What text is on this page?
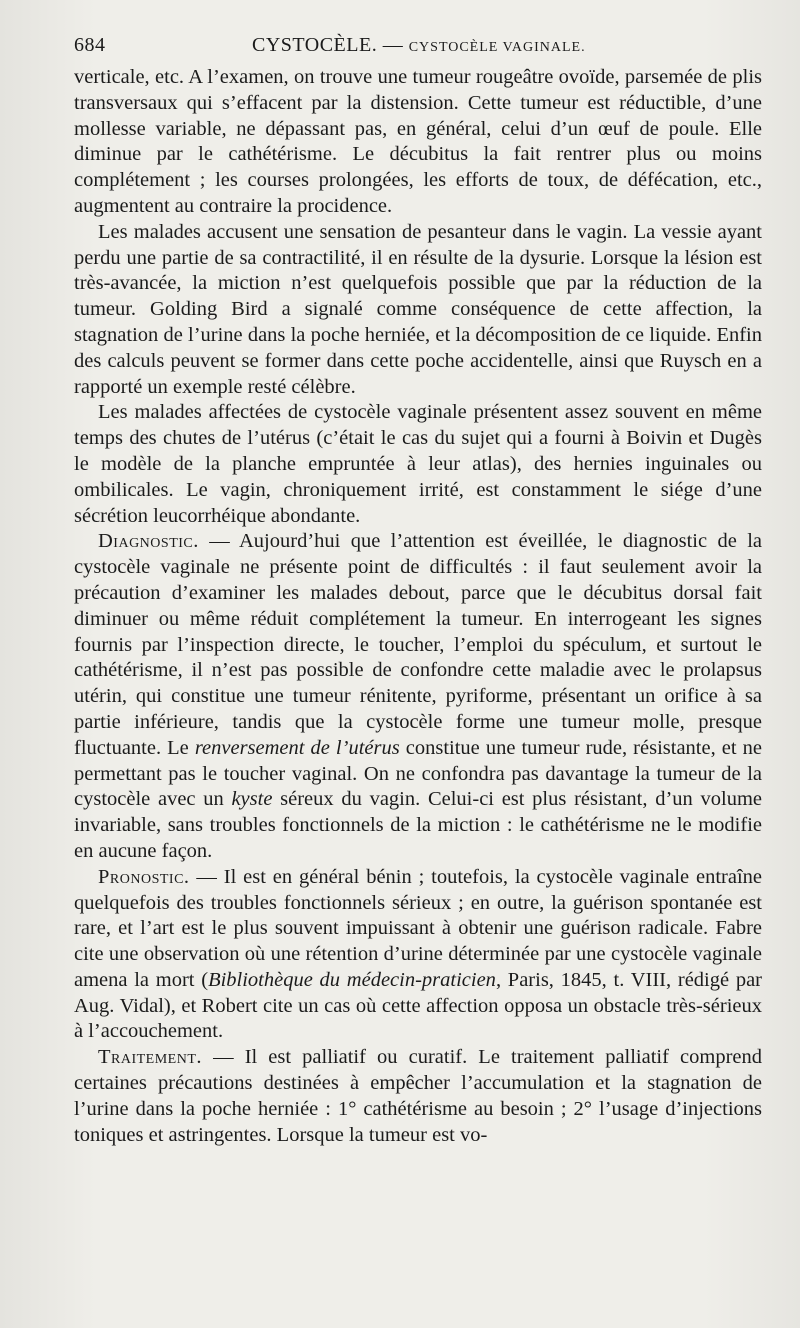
684	CYSTOCÈLE. — CYSTOCÈLE VAGINALE.

verticale, etc. A l’examen, on trouve une tumeur rougeâtre ovoïde, parsemée de plis transversaux qui s’effacent par la distension. Cette tumeur est réductible, d’une mollesse variable, ne dépassant pas, en général, celui d’un œuf de poule. Elle diminue par le cathétérisme. Le décubitus la fait rentrer plus ou moins complétement ; les courses prolongées, les efforts de toux, de défécation, etc., augmentent au contraire la procidence.

Les malades accusent une sensation de pesanteur dans le vagin. La vessie ayant perdu une partie de sa contractilité, il en résulte de la dysurie. Lorsque la lésion est très-avancée, la miction n’est quelquefois possible que par la réduction de la tumeur. Golding Bird a signalé comme conséquence de cette affection, la stagnation de l’urine dans la poche herniée, et la décomposition de ce liquide. Enfin des calculs peuvent se former dans cette poche accidentelle, ainsi que Ruysch en a rapporté un exemple resté célèbre.

Les malades affectées de cystocèle vaginale présentent assez souvent en même temps des chutes de l’utérus (c’était le cas du sujet qui a fourni à Boivin et Dugès le modèle de la planche empruntée à leur atlas), des hernies inguinales ou ombilicales. Le vagin, chroniquement irrité, est constamment le siége d’une sécrétion leucorrhéique abondante.

Diagnostic. — Aujourd’hui que l’attention est éveillée, le diagnostic de la cystocèle vaginale ne présente point de difficultés : il faut seulement avoir la précaution d’examiner les malades debout, parce que le décubitus dorsal fait diminuer ou même réduit complétement la tumeur. En interrogeant les signes fournis par l’inspection directe, le toucher, l’emploi du spéculum, et surtout le cathétérisme, il n’est pas possible de confondre cette maladie avec le prolapsus utérin, qui constitue une tumeur rénitente, pyriforme, présentant un orifice à sa partie inférieure, tandis que la cystocèle forme une tumeur molle, presque fluctuante. Le renversement de l’utérus constitue une tumeur rude, résistante, et ne permettant pas le toucher vaginal. On ne confondra pas davantage la tumeur de la cystocèle avec un kyste séreux du vagin. Celui-ci est plus résistant, d’un volume invariable, sans troubles fonctionnels de la miction : le cathétérisme ne le modifie en aucune façon.

Pronostic. — Il est en général bénin ; toutefois, la cystocèle vaginale entraîne quelquefois des troubles fonctionnels sérieux ; en outre, la guérison spontanée est rare, et l’art est le plus souvent impuissant à obtenir une guérison radicale. Fabre cite une observation où une rétention d’urine déterminée par une cystocèle vaginale amena la mort (Bibliothèque du médecin-praticien, Paris, 1845, t. VIII, rédigé par Aug. Vidal), et Robert cite un cas où cette affection opposa un obstacle très-sérieux à l’accouchement.

Traitement. — Il est palliatif ou curatif. Le traitement palliatif comprend certaines précautions destinées à empêcher l’accumulation et la stagnation de l’urine dans la poche herniée : 1° cathétérisme au besoin ; 2° l’usage d’injections toniques et astringentes. Lorsque la tumeur est vo-
